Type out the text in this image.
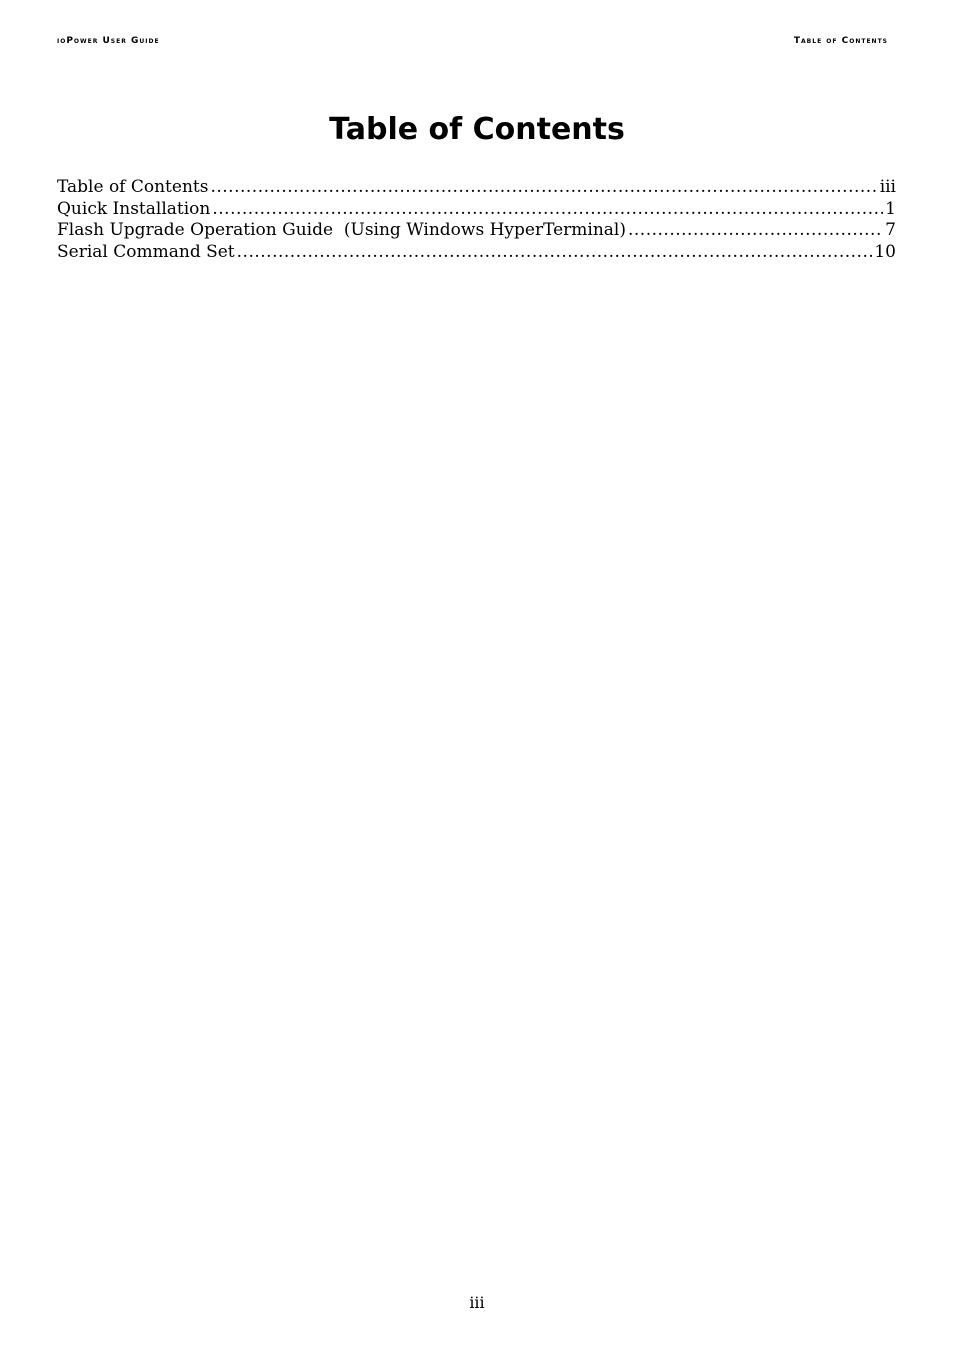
ioPower User Guide	Table of Contents
Table of Contents
Table of Contents .....	iii
Quick Installation .....	1
Flash Upgrade Operation Guide  (Using Windows HyperTerminal) .....	7
Serial Command Set .....	10
iii
